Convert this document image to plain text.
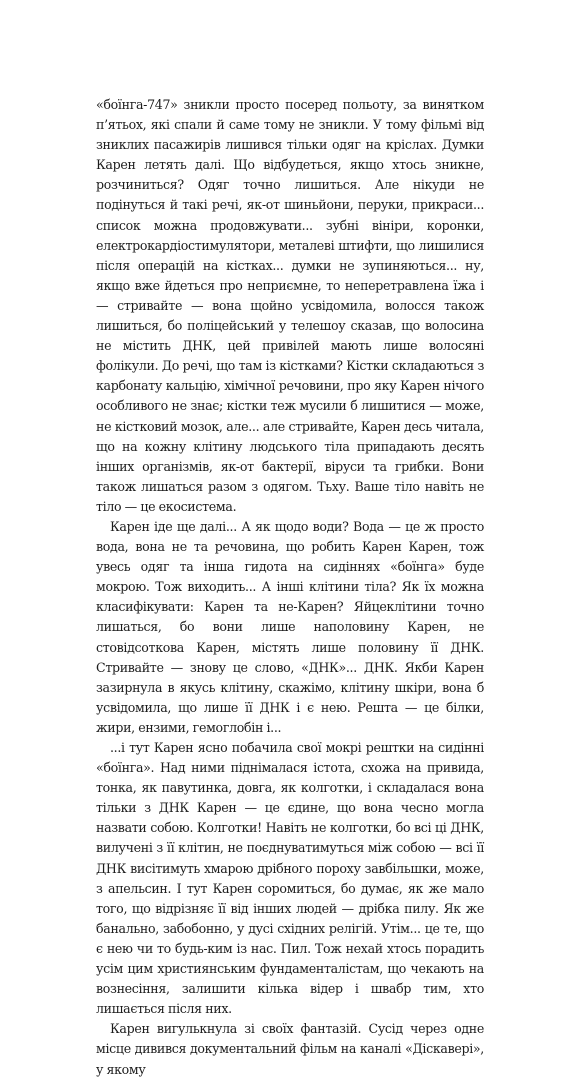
«боїнга-747» зникли просто посеред польоту, за винятком п’ятьох, які спали й саме тому не зникли. У тому фільмі від зниклих пасажирів лишився тільки одяг на кріслах. Думки Карен летять далі. Що відбудеться, якщо хтось зникне, розчиниться? Одяг точно лишиться. Але нікуди не подінуться й такі речі, як-от шиньйони, перуки, прикраси... список можна продовжувати... зубні вініри, коронки, електрокардіостимулятори, металеві штифти, що лишилися після операцій на кістках... думки не зупиняються... ну, якщо вже йдеться про неприємне, то неперетравлена їжа і — стривайте — вона щойно усвідомила, волосся також лишиться, бо поліцейський у телешоу сказав, що волосина не містить ДНК, цей привілей мають лише волосяні фолікули. До речі, що там із кістками? Кістки складаються з карбонату кальцію, хімічної речовини, про яку Карен нічого особливого не знає; кістки теж мусили б лишитися — може, не кістковий мозок, але... але стривайте, Карен десь читала, що на кожну клітину людського тіла припадають десять інших організмів, як-от бактерії, віруси та грибки. Вони також лишаться разом з одягом. Тьху. Ваше тіло навіть не тіло — це екосистема.

Карен іде ще далі... А як щодо води? Вода — це ж просто вода, вона не та речовина, що робить Карен Карен, тож увесь одяг та інша гидота на сидіннях «боїнга» буде мокрою. Тож виходить... А інші клітини тіла? Як їх можна класифікувати: Карен та не-Карен? Яйцеклітини точно лишаться, бо вони лише наполовину Карен, не стовідсоткова Карен, містять лише половину її ДНК. Стривайте — знову це слово, «ДНК»... ДНК. Якби Карен зазирнула в якусь клітину, скажімо, клітину шкіри, вона б усвідомила, що лише її ДНК і є нею. Решта — це білки, жири, ензими, гемоглобін і...

...і тут Карен ясно побачила свої мокрі рештки на сидінні «боїнга». Над ними піднімалася істота, схожа на привида, тонка, як павутинка, довга, як колготки, і складалася вона тільки з ДНК Карен — це єдине, що вона чесно могла назвати собою. Колготки! Навіть не колготки, бо всі ці ДНК, вилучені з її клітин, не поєднуватимуться між собою — всі її ДНК висітимуть хмарою дрібного пороху завбільшки, може, з апельсин. І тут Карен соромиться, бо думає, як же мало того, що відрізняє її від інших людей — дрібка пилу. Як же банально, забобонно, у дусі східних релігій. Утім... це те, що є нею чи то будь-ким із нас. Пил. Тож нехай хтось порадить усім цим християнським фундаменталістам, що чекають на вознесіння, залишити кілька відер і швабр тим, хто лишається після них.

Карен вигулькнула зі своїх фантазій. Сусід через одне місце дивився документальний фільм на каналі «Діскавері», у якому
